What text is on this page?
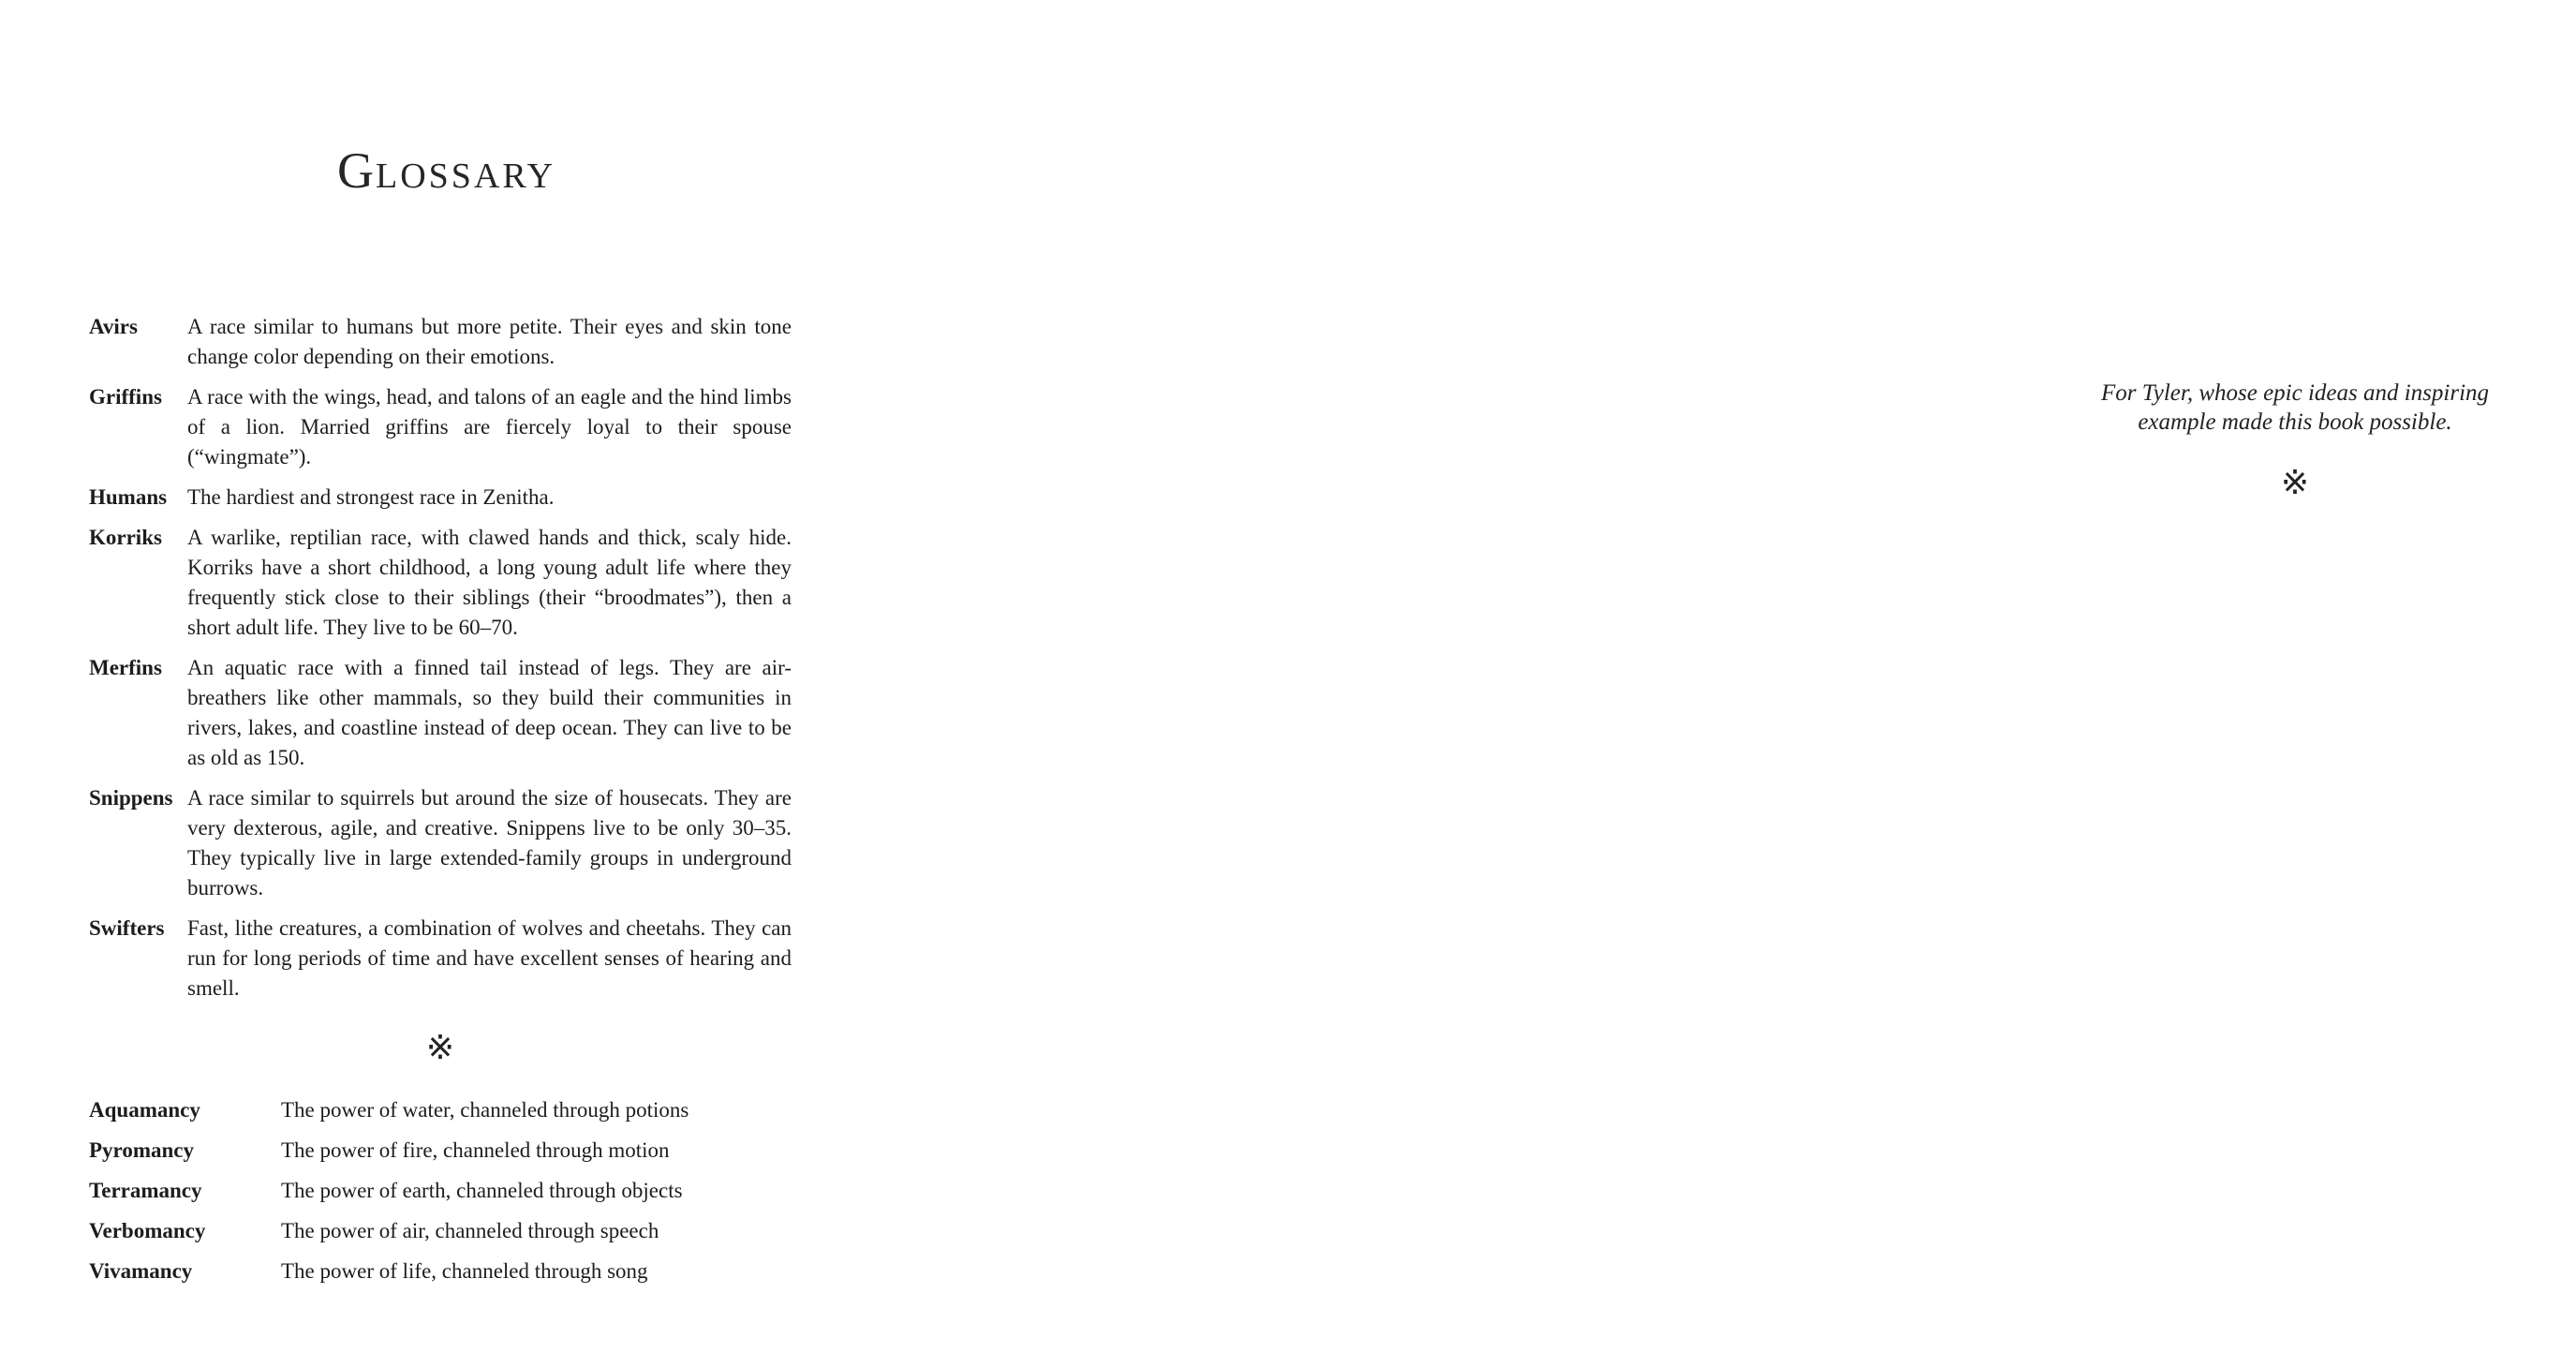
GLOSSARY
Avirs	A race similar to humans but more petite. Their eyes and skin tone change color depending on their emotions.
Griffins	A race with the wings, head, and talons of an eagle and the hind limbs of a lion. Married griffins are fiercely loyal to their spouse (“wingmate”).
Humans The hardiest and strongest race in Zenitha.
Korriks	A warlike, reptilian race, with clawed hands and thick, scaly hide. Korriks have a short childhood, a long young adult life where they frequently stick close to their siblings (their “broodmates”), then a short adult life. They live to be 60–70.
Merfins	An aquatic race with a finned tail instead of legs. They are air-breathers like other mammals, so they build their communities in rivers, lakes, and coastline instead of deep ocean. They can live to be as old as 150.
Snippens A race similar to squirrels but around the size of housecats. They are very dexterous, agile, and creative. Snippens live to be only 30–35. They typically live in large extended-family groups in underground burrows.
Swifters	Fast, lithe creatures, a combination of wolves and cheetahs. They can run for long periods of time and have excellent senses of hearing and smell.
※
Aquamancy	The power of water, channeled through potions
Pyromancy	The power of fire, channeled through motion
Terramancy	The power of earth, channeled through objects
Verbomancy	The power of air, channeled through speech
Vivamancy	The power of life, channeled through song
For Tyler, whose epic ideas and inspiring
example made this book possible.
※
